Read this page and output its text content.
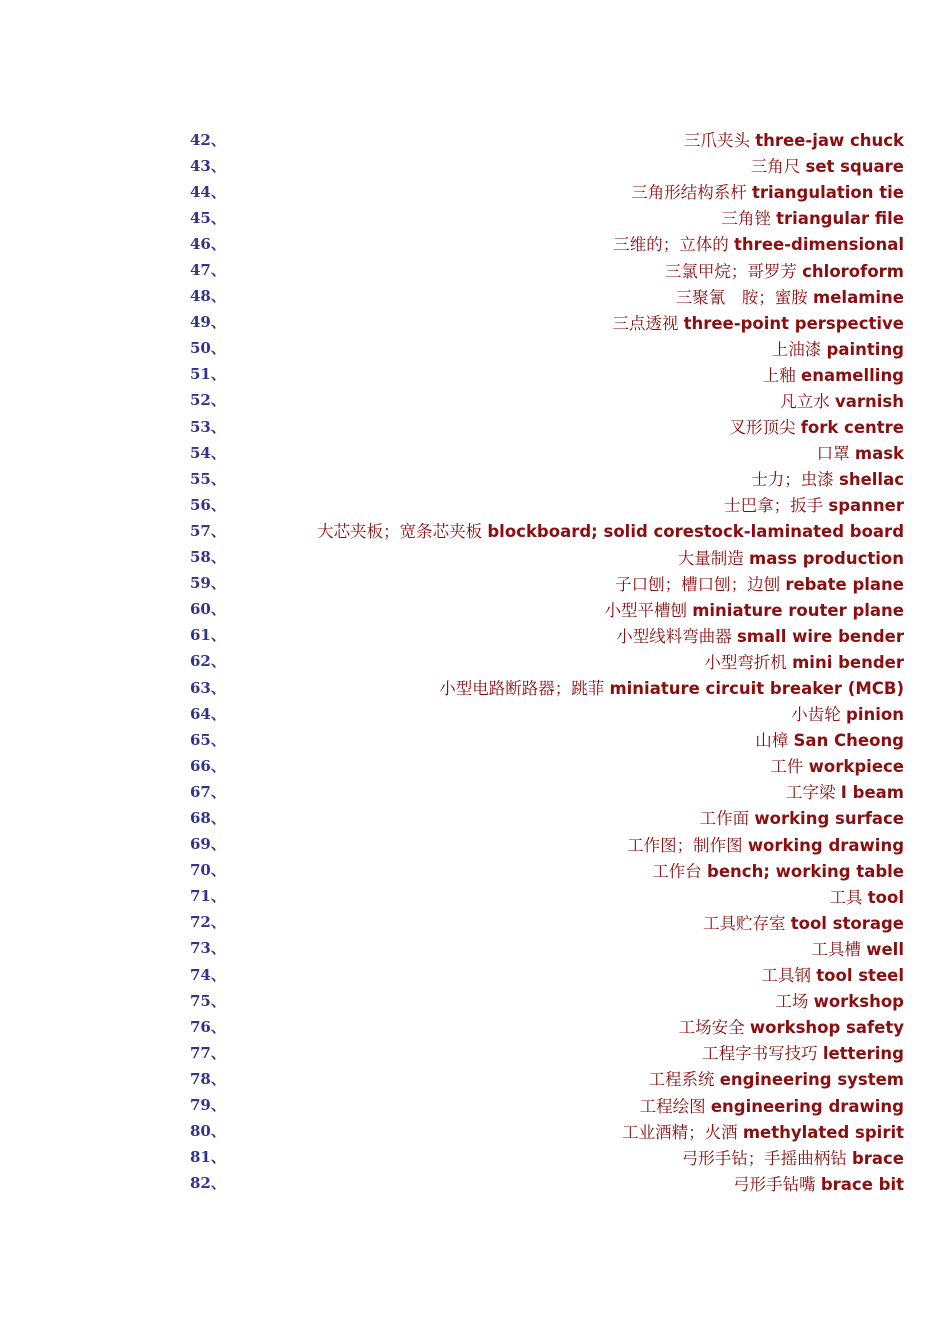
42、	三爪夹头 three-jaw chuck
43、	三角尺 set square
44、	三角形结构系杆 triangulation tie
45、	三角锉 triangular file
46、	三维的；立体的 three-dimensional
47、	三氯甲烷；哥罗芳 chloroform
48、	三聚氰　胺；蜜胺 melamine
49、	三点透视 three-point perspective
50、	上油漆 painting
51、	上釉 enamelling
52、	凡立水 varnish
53、	叉形顶尖 fork centre
54、	口罩 mask
55、	士力；虫漆 shellac
56、	士巴拿；扳手 spanner
57、	大芯夹板；宽条芯夹板 blockboard; solid corestock-laminated board
58、	大量制造 mass production
59、	子口刨；槽口刨；边刨 rebate plane
60、	小型平槽刨 miniature router plane
61、	小型线料弯曲器 small wire bender
62、	小型弯折机 mini bender
63、	小型电路断路器；跳菲 miniature circuit breaker (MCB)
64、	小齿轮 pinion
65、	山樟 San Cheong
66、	工件 workpiece
67、	工字梁 I beam
68、	工作面 working surface
69、	工作图；制作图 working drawing
70、	工作台 bench; working table
71、	工具 tool
72、	工具贮存室 tool storage
73、	工具槽 well
74、	工具钢 tool steel
75、	工场 workshop
76、	工场安全 workshop safety
77、	工程字书写技巧 lettering
78、	工程系统 engineering system
79、	工程绘图 engineering drawing
80、	工业酒精；火酒 methylated spirit
81、	弓形手钻；手摇曲柄钻 brace
82、	弓形手钻嘴 brace bit
